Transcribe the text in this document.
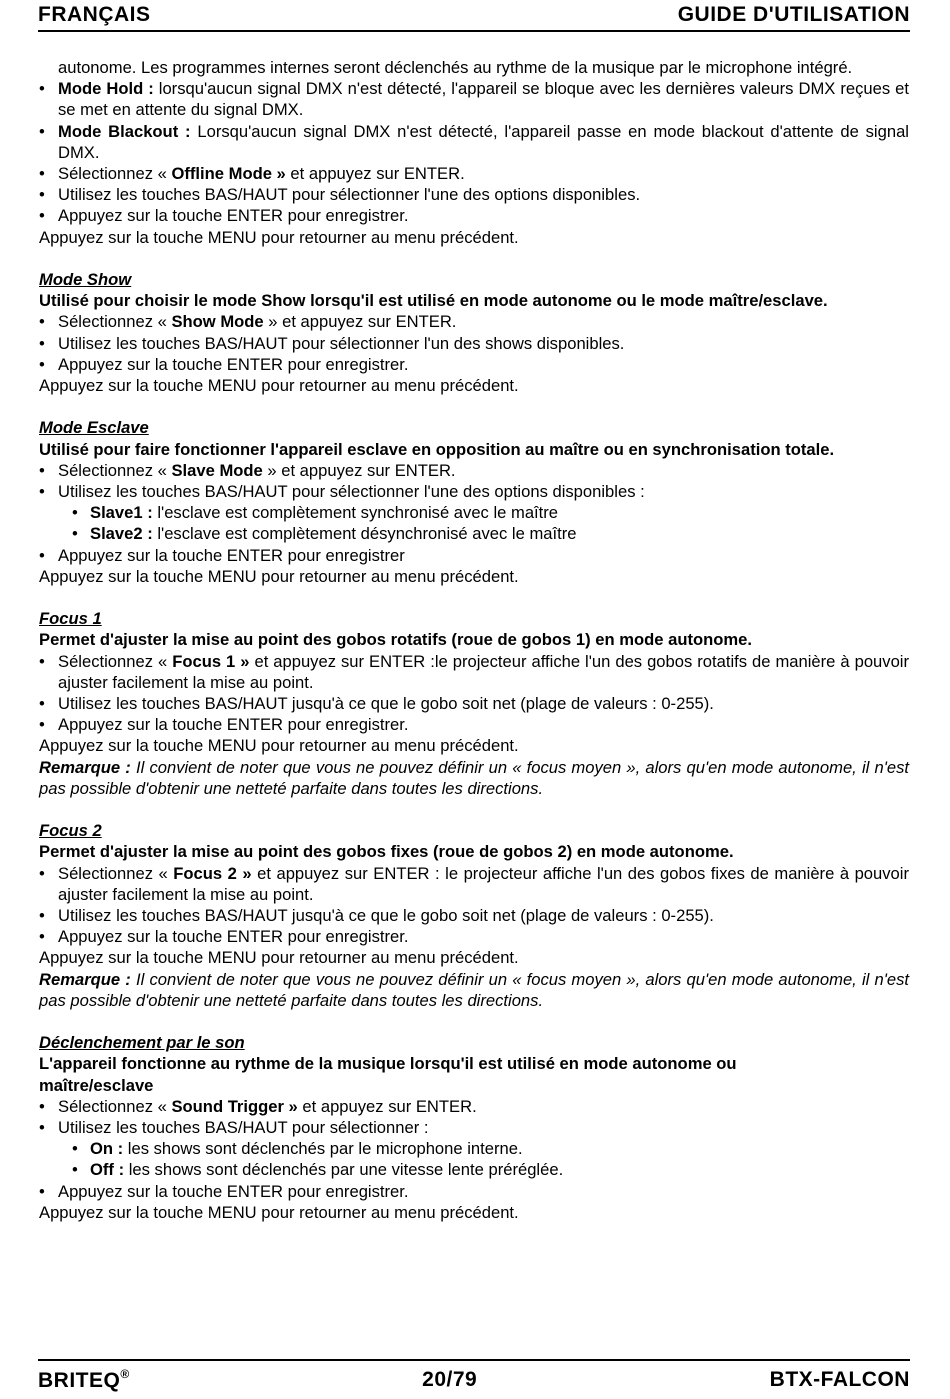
FRANÇAIS	GUIDE D'UTILISATION

autonome. Les programmes internes seront déclenchés au rythme de la musique par le microphone intégré.

• Mode Hold : lorsqu'aucun signal DMX n'est détecté, l'appareil se bloque avec les dernières valeurs DMX reçues et se met en attente du signal DMX.

• Mode Blackout : Lorsqu'aucun signal DMX n'est détecté, l'appareil passe en mode blackout d'attente de signal DMX.

• Sélectionnez « Offline Mode » et appuyez sur ENTER.

• Utilisez les touches BAS/HAUT pour sélectionner l'une des options disponibles.

• Appuyez sur la touche ENTER pour enregistrer.

Appuyez sur la touche MENU pour retourner au menu précédent.

Mode Show

Utilisé pour choisir le mode Show lorsqu'il est utilisé en mode autonome ou le mode maître/esclave.

• Sélectionnez « Show Mode » et appuyez sur ENTER.

• Utilisez les touches BAS/HAUT pour sélectionner l'un des shows disponibles.

• Appuyez sur la touche ENTER pour enregistrer.

Appuyez sur la touche MENU pour retourner au menu précédent.

Mode Esclave

Utilisé pour faire fonctionner l'appareil esclave en opposition au maître ou en synchronisation totale.

• Sélectionnez « Slave Mode » et appuyez sur ENTER.

• Utilisez les touches BAS/HAUT pour sélectionner l'une des options disponibles :

• Slave1 : l'esclave est complètement synchronisé avec le maître

• Slave2 : l'esclave est complètement désynchronisé avec le maître

• Appuyez sur la touche ENTER pour enregistrer

Appuyez sur la touche MENU pour retourner au menu précédent.

Focus 1

Permet d'ajuster la mise au point des gobos rotatifs (roue de gobos 1) en mode autonome.

• Sélectionnez « Focus 1 » et appuyez sur ENTER :le projecteur affiche l'un des gobos rotatifs de manière à pouvoir ajuster facilement la mise au point.

• Utilisez les touches BAS/HAUT jusqu'à ce que le gobo soit net (plage de valeurs : 0-255).

• Appuyez sur la touche ENTER pour enregistrer.

Appuyez sur la touche MENU pour retourner au menu précédent.

Remarque : Il convient de noter que vous ne pouvez définir un « focus moyen », alors qu'en mode autonome, il n'est pas possible d'obtenir une netteté parfaite dans toutes les directions.

Focus 2

Permet d'ajuster la mise au point des gobos fixes (roue de gobos 2) en mode autonome.

• Sélectionnez « Focus 2 » et appuyez sur ENTER : le projecteur affiche l'un des gobos fixes de manière à pouvoir ajuster facilement la mise au point.

• Utilisez les touches BAS/HAUT jusqu'à ce que le gobo soit net (plage de valeurs : 0-255).

• Appuyez sur la touche ENTER pour enregistrer.

Appuyez sur la touche MENU pour retourner au menu précédent.

Remarque : Il convient de noter que vous ne pouvez définir un « focus moyen », alors qu'en mode autonome, il n'est pas possible d'obtenir une netteté parfaite dans toutes les directions.

Déclenchement par le son

L'appareil fonctionne au rythme de la musique lorsqu'il est utilisé en mode autonome ou

maître/esclave

• Sélectionnez « Sound Trigger » et appuyez sur ENTER.

• Utilisez les touches BAS/HAUT pour sélectionner :

• On : les shows sont déclenchés par le microphone interne.

• Off : les shows sont déclenchés par une vitesse lente préréglée.

• Appuyez sur la touche ENTER pour enregistrer.

Appuyez sur la touche MENU pour retourner au menu précédent.

BRITEQ®	20/79	BTX-FALCON
